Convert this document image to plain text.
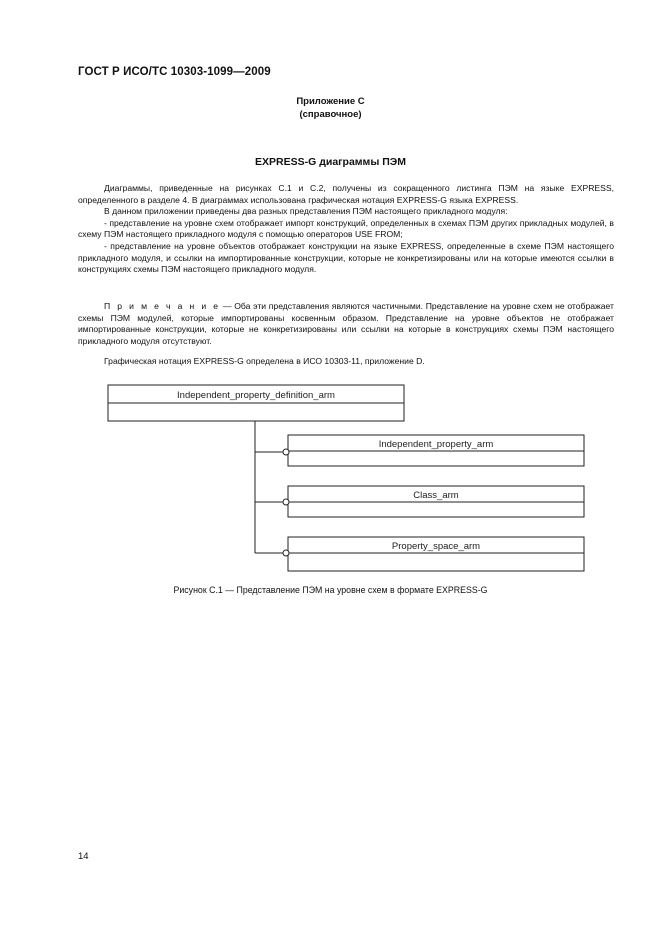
ГОСТ Р ИСО/ТС 10303-1099—2009
Приложение С
(справочное)
EXPRESS-G диаграммы ПЭМ

Диаграммы, приведенные на рисунках С.1 и С.2, получены из сокращенного листинга ПЭМ на языке EXPRESS, определенного в разделе 4. В диаграммах использована графическая нотация EXPRESS-G языка EXPRESS.

В данном приложении приведены два разных представления ПЭМ настоящего прикладного модуля:

- представление на уровне схем отображает импорт конструкций, определенных в схемах ПЭМ других прикладных модулей, в схему ПЭМ настоящего прикладного модуля с помощью операторов USE FROM;

- представление на уровне объектов отображает конструкции на языке EXPRESS, определенные в схеме ПЭМ настоящего прикладного модуля, и ссылки на импортированные конструкции, которые не конкретизированы или на которые имеются ссылки в конструкциях схемы ПЭМ настоящего прикладного модуля.

П р и м е ч а н и е — Оба эти представления являются частичными. Представление на уровне схем не отображает схемы ПЭМ модулей, которые импортированы косвенным образом. Представление на уровне объектов не отображает импортированные конструкции, которые не конкретизированы или ссылки на которые в конструкциях схемы ПЭМ настоящего прикладного модуля отсутствуют.

Графическая нотация EXPRESS-G определена в ИСО 10303-11, приложение D.

Independent_property_definition_arm
Independent_property_arm
Class_arm
Property_space_arm
Рисунок С.1 — Представление ПЭМ на уровне схем в формате EXPRESS-G
14
